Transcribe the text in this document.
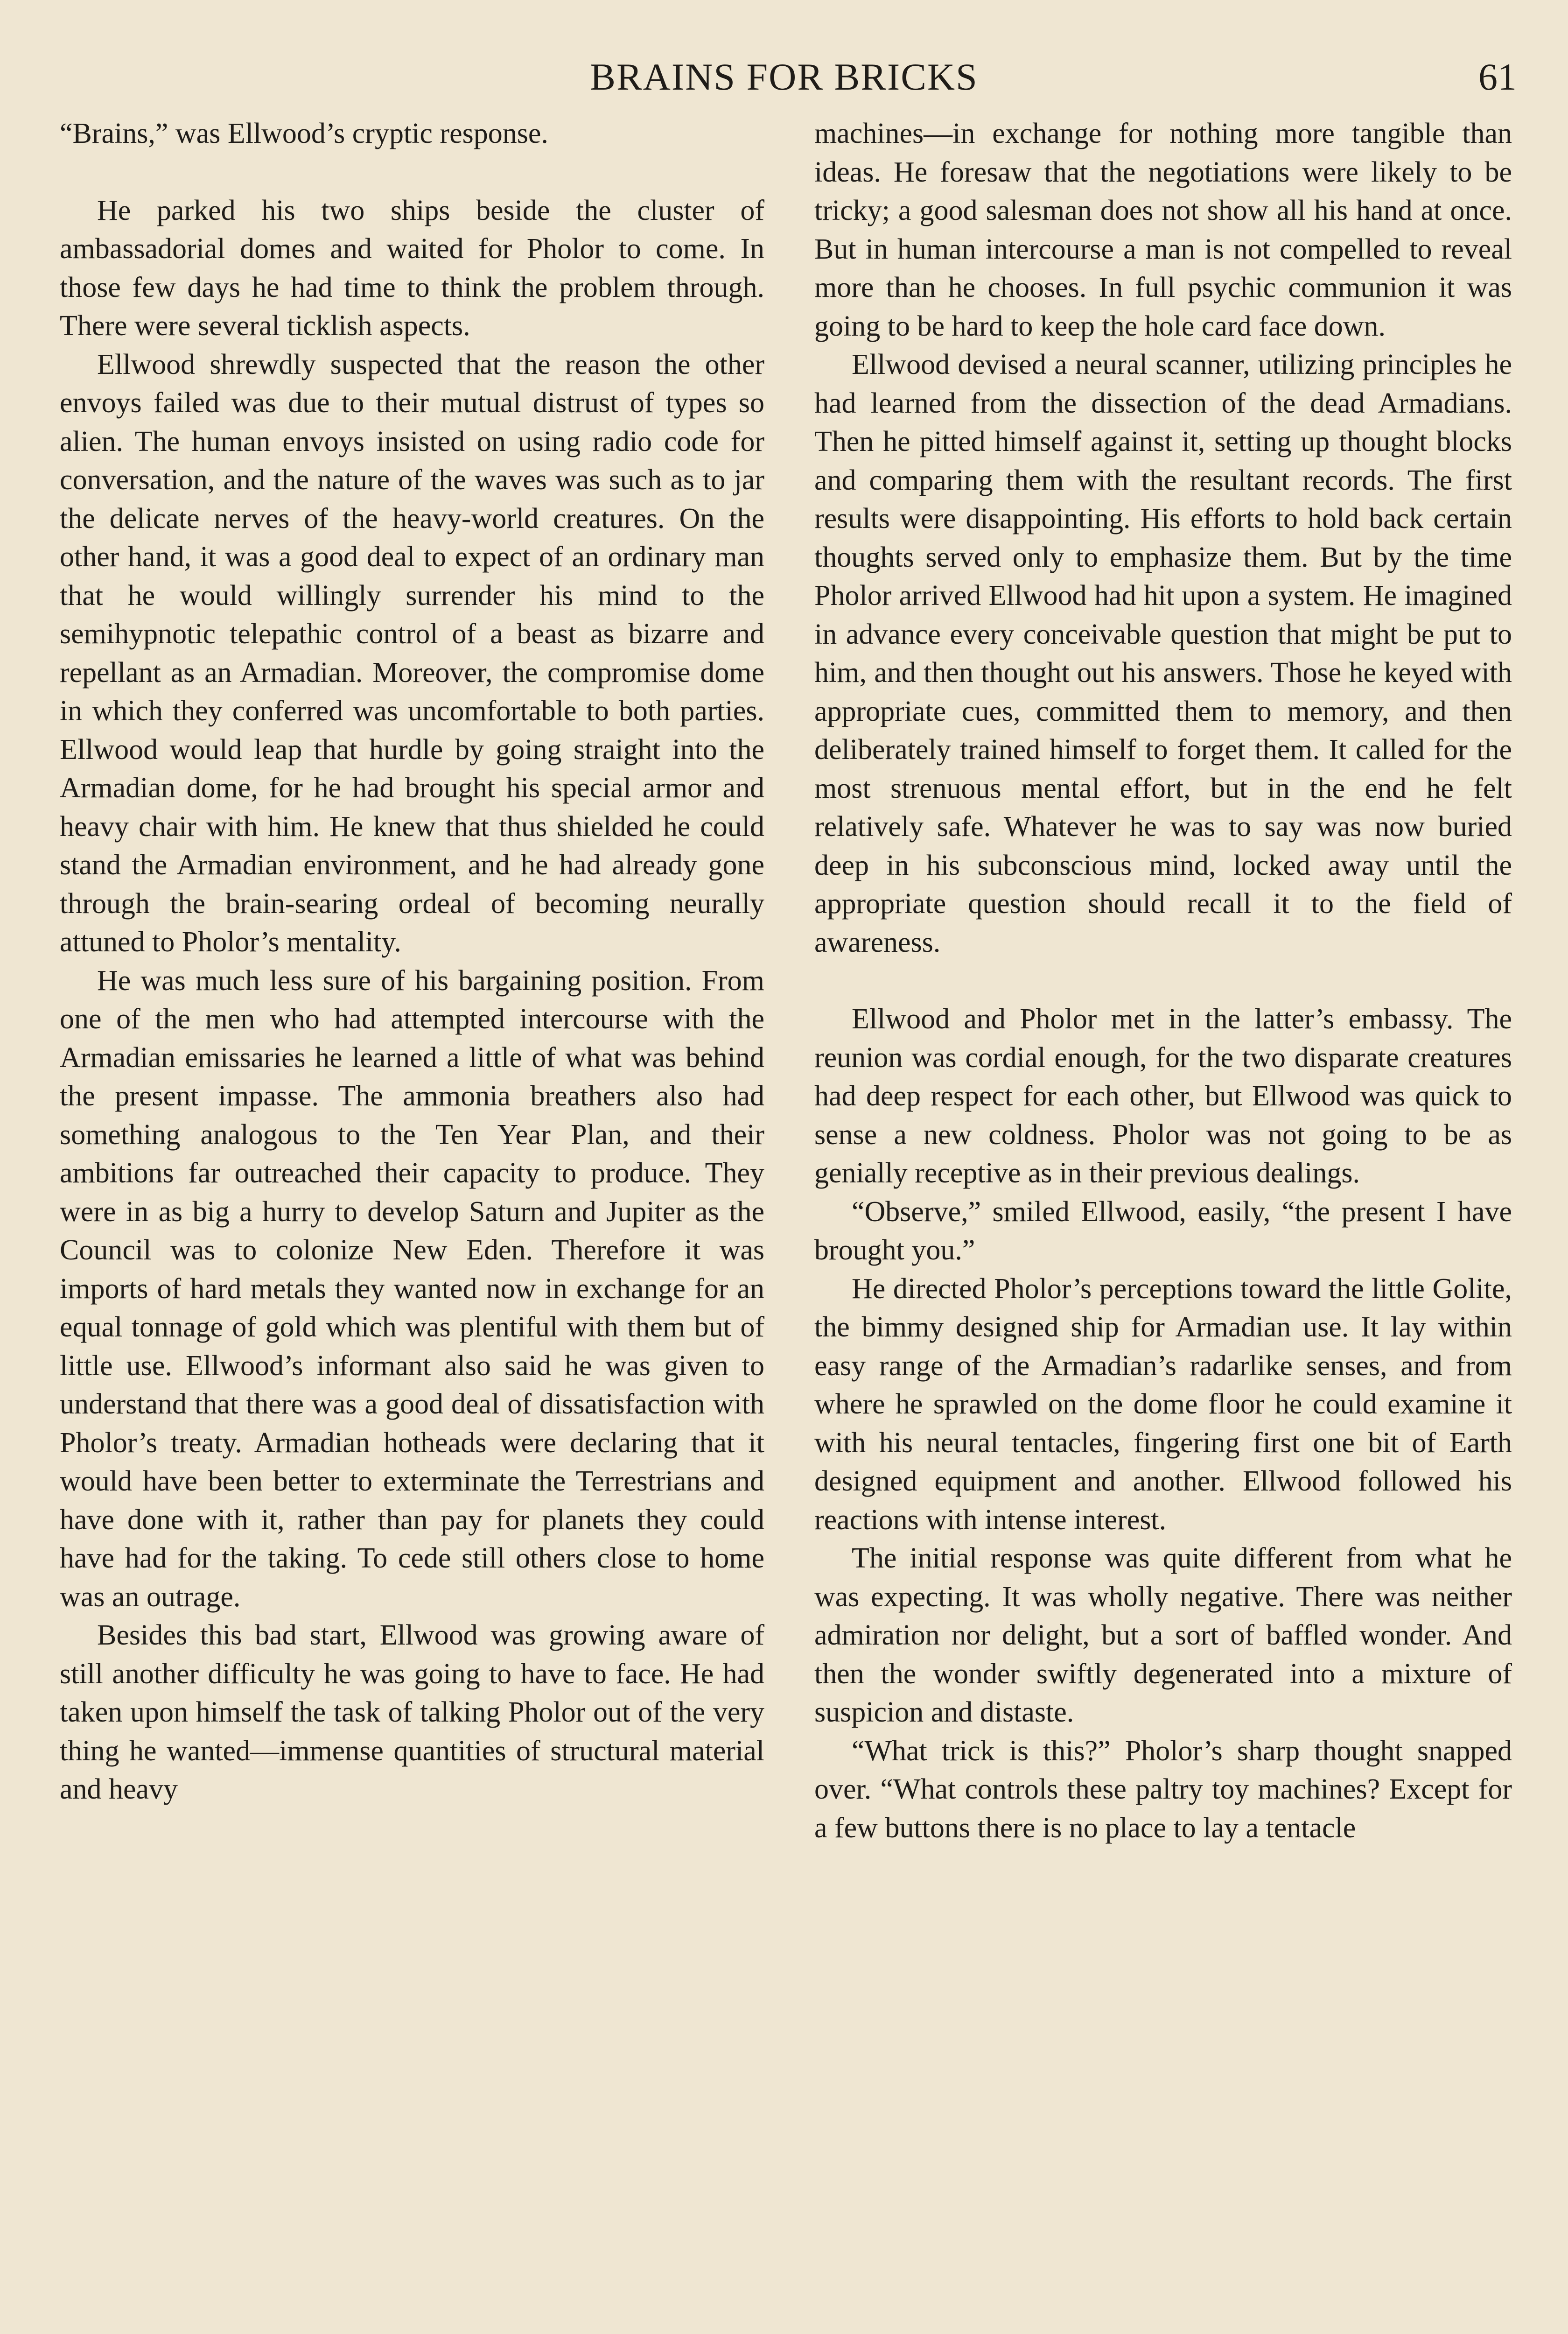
BRAINS FOR BRICKS	61

“Brains,” was Ellwood’s cryptic response.

He parked his two ships beside the cluster of ambassadorial domes and waited for Pholor to come. In those few days he had time to think the problem through. There were several ticklish aspects.

Ellwood shrewdly suspected that the reason the other envoys failed was due to their mutual distrust of types so alien. The human envoys insisted on using radio code for conversation, and the nature of the waves was such as to jar the delicate nerves of the heavy-world creatures. On the other hand, it was a good deal to expect of an ordinary man that he would willingly surrender his mind to the semihypnotic telepathic control of a beast as bizarre and repellant as an Armadian. Moreover, the compromise dome in which they conferred was uncomfortable to both parties. Ellwood would leap that hurdle by going straight into the Armadian dome, for he had brought his special armor and heavy chair with him. He knew that thus shielded he could stand the Armadian environment, and he had already gone through the brain-searing ordeal of becoming neurally attuned to Pholor’s mentality.

He was much less sure of his bargaining position. From one of the men who had attempted intercourse with the Armadian emissaries he learned a little of what was behind the present impasse. The ammonia breathers also had something analogous to the Ten Year Plan, and their ambitions far outreached their capacity to produce. They were in as big a hurry to develop Saturn and Jupiter as the Council was to colonize New Eden. Therefore it was imports of hard metals they wanted now in exchange for an equal tonnage of gold which was plentiful with them but of little use. Ellwood’s informant also said he was given to understand that there was a good deal of dissatisfaction with Pholor’s treaty. Armadian hotheads were declaring that it would have been better to exterminate the Terrestrians and have done with it, rather than pay for planets they could have had for the taking. To cede still others close to home was an outrage.

Besides this bad start, Ellwood was growing aware of still another difficulty he was going to have to face. He had taken upon himself the task of talking Pholor out of the very thing he wanted—immense quantities of structural material and heavy

machines—in exchange for nothing more tangible than ideas. He foresaw that the negotiations were likely to be tricky; a good salesman does not show all his hand at once. But in human intercourse a man is not compelled to reveal more than he chooses. In full psychic communion it was going to be hard to keep the hole card face down.

Ellwood devised a neural scanner, utilizing principles he had learned from the dissection of the dead Armadians. Then he pitted himself against it, setting up thought blocks and comparing them with the resultant records. The first results were disappointing. His efforts to hold back certain thoughts served only to emphasize them. But by the time Pholor arrived Ellwood had hit upon a system. He imagined in advance every conceivable question that might be put to him, and then thought out his answers. Those he keyed with appropriate cues, committed them to memory, and then deliberately trained himself to forget them. It called for the most strenuous mental effort, but in the end he felt relatively safe. Whatever he was to say was now buried deep in his subconscious mind, locked away until the appropriate question should recall it to the field of awareness.

Ellwood and Pholor met in the latter’s embassy. The reunion was cordial enough, for the two disparate creatures had deep respect for each other, but Ellwood was quick to sense a new coldness. Pholor was not going to be as genially receptive as in their previous dealings.

“Observe,” smiled Ellwood, easily, “the present I have brought you.”

He directed Pholor’s perceptions toward the little Golite, the bimmy designed ship for Armadian use. It lay within easy range of the Armadian’s radarlike senses, and from where he sprawled on the dome floor he could examine it with his neural tentacles, fingering first one bit of Earth designed equipment and another. Ellwood followed his reactions with intense interest.

The initial response was quite different from what he was expecting. It was wholly negative. There was neither admiration nor delight, but a sort of baffled wonder. And then the wonder swiftly degenerated into a mixture of suspicion and distaste.

“What trick is this?” Pholor’s sharp thought snapped over. “What controls these paltry toy machines? Except for a few buttons there is no place to lay a tentacle
